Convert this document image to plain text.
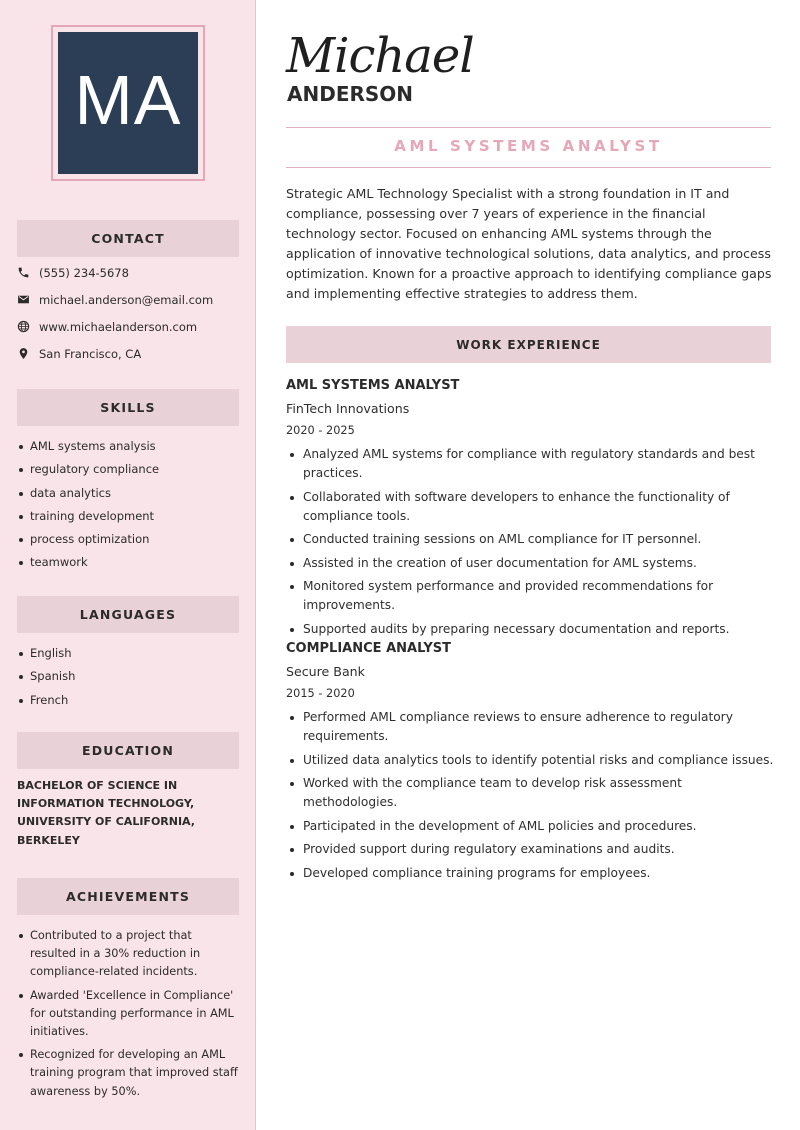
MA
CONTACT
(555) 234-5678
michael.anderson@email.com
www.michaelanderson.com
San Francisco, CA
SKILLS
AML systems analysis
regulatory compliance
data analytics
training development
process optimization
teamwork
LANGUAGES
English
Spanish
French
EDUCATION
BACHELOR OF SCIENCE IN INFORMATION TECHNOLOGY, UNIVERSITY OF CALIFORNIA, BERKELEY
ACHIEVEMENTS
Contributed to a project that resulted in a 30% reduction in compliance-related incidents.
Awarded 'Excellence in Compliance' for outstanding performance in AML initiatives.
Recognized for developing an AML training program that improved staff awareness by 50%.
Michael
ANDERSON
AML SYSTEMS ANALYST

Strategic AML Technology Specialist with a strong foundation in IT and compliance, possessing over 7 years of experience in the financial technology sector. Focused on enhancing AML systems through the application of innovative technological solutions, data analytics, and process optimization. Known for a proactive approach to identifying compliance gaps and implementing effective strategies to address them.

WORK EXPERIENCE
AML SYSTEMS ANALYST
FinTech Innovations
2020 - 2025
Analyzed AML systems for compliance with regulatory standards and best practices.
Collaborated with software developers to enhance the functionality of compliance tools.
Conducted training sessions on AML compliance for IT personnel.
Assisted in the creation of user documentation for AML systems.
Monitored system performance and provided recommendations for improvements.
Supported audits by preparing necessary documentation and reports.
COMPLIANCE ANALYST
Secure Bank
2015 - 2020
Performed AML compliance reviews to ensure adherence to regulatory requirements.
Utilized data analytics tools to identify potential risks and compliance issues.
Worked with the compliance team to develop risk assessment methodologies.
Participated in the development of AML policies and procedures.
Provided support during regulatory examinations and audits.
Developed compliance training programs for employees.
